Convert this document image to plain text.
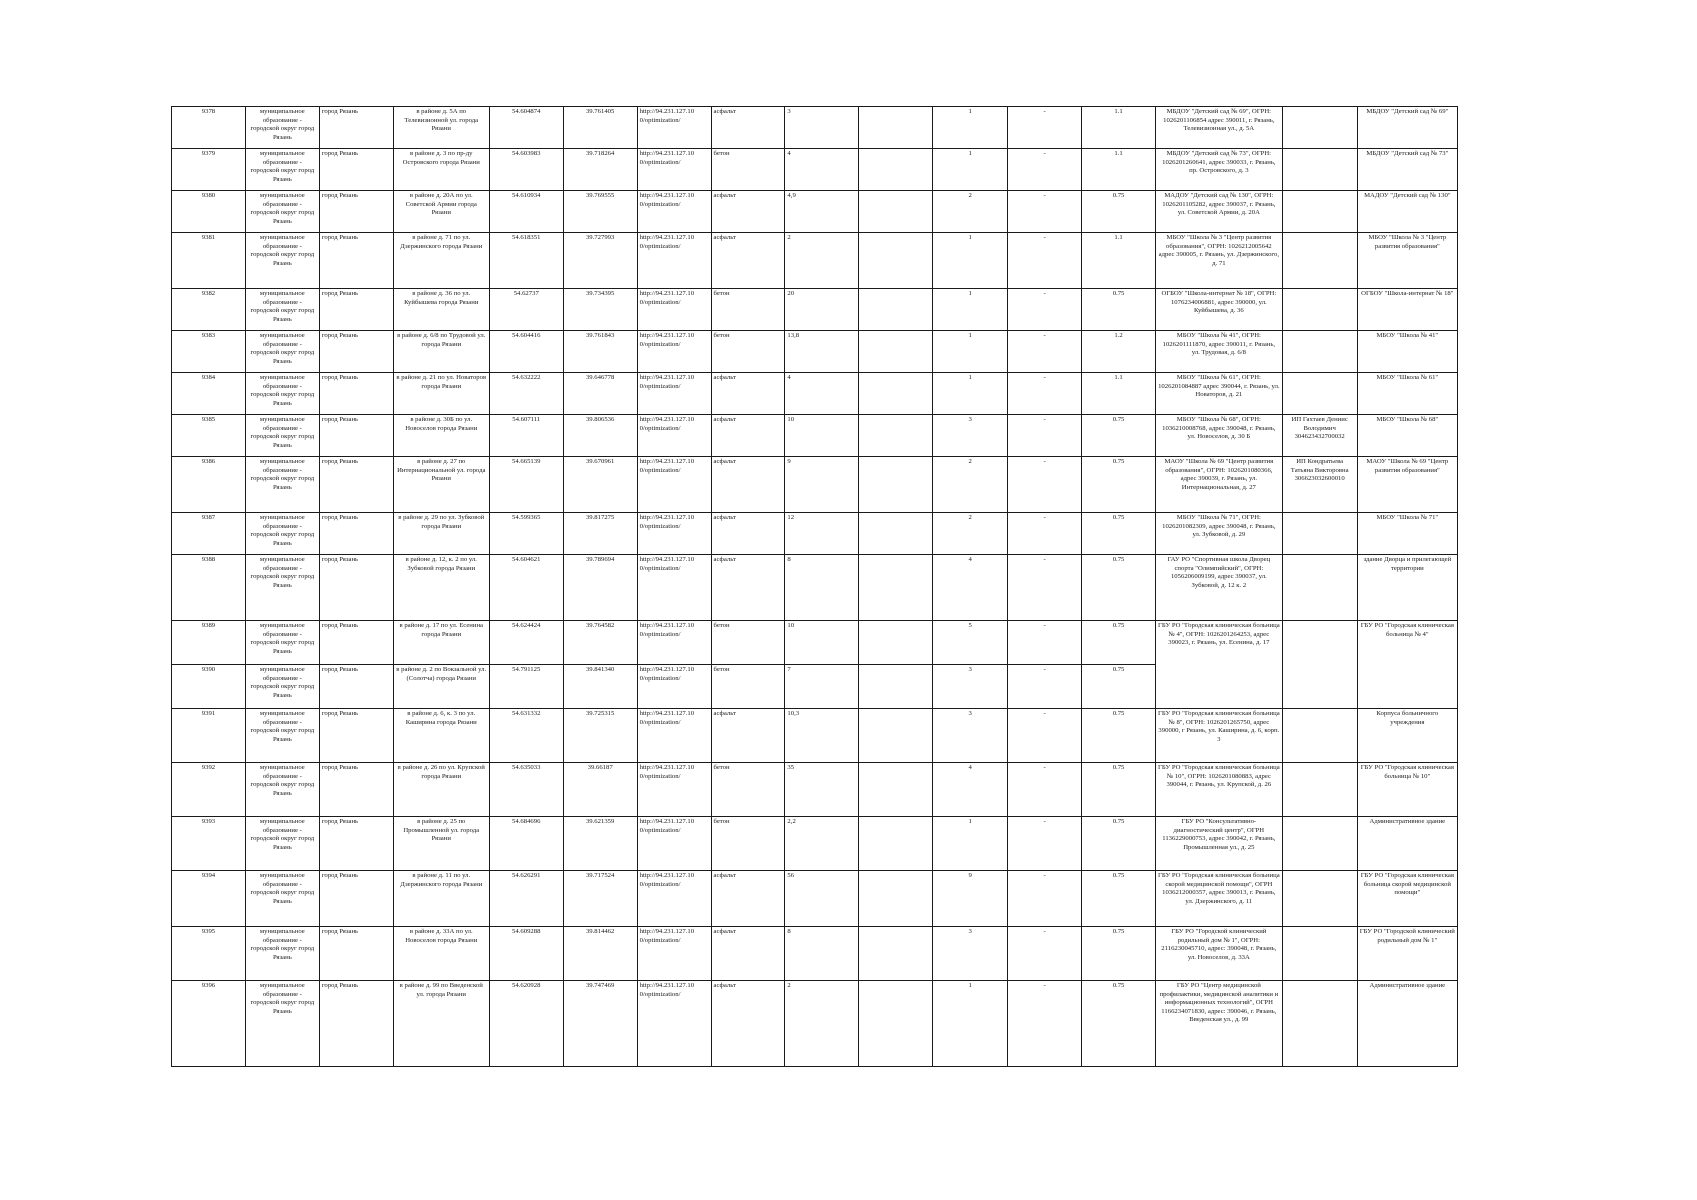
9378	муниципальное образование - городской округ город Рязань	город Рязань	в районе д. 5А по Телевизионной ул. города Рязани	54.604874	39.761405	http://94.231.127.10 0/optimization/	асфальт	3		1	-	1.1	МБДОУ "Детский сад № 69", ОГРН: 1026201106854 адрес 390011, г. Рязань, Телевизионная ул., д. 5А		МБДОУ "Детский сад № 69"
9379	муниципальное образование - городской округ город Рязань	город Рязань	в районе д. 3 по пр-ду Островского города Рязани	54.603983	39.718264	http://94.231.127.10 0/optimization/	бетон	4		1	-	1.1	МБДОУ "Детский сад № 73", ОГРН: 1026201260641, адрес 390033, г. Рязань, пр. Островского, д. 3		МБДОУ "Детский сад № 73"
9380	муниципальное образование - городской округ город Рязань	город Рязань	в районе д. 20А по ул. Советской Армии города Рязани	54.610934	39.769555	http://94.231.127.10 0/optimization/	асфальт	4,9		2	-	0.75	МАДОУ "Детский сад № 130", ОГРН: 1026201105282, адрес 390037, г. Рязань, ул. Советской Армии, д. 20А		МАДОУ "Детский сад № 130"
9381	муниципальное образование - городской округ город Рязань	город Рязань	в районе д. 71 по ул. Дзержинского города Рязани	54.618351	39.727993	http://94.231.127.10 0/optimization/	асфальт	2		1	-	1.1	МБОУ "Школа № 3 "Центр развития образования", ОГРН: 1026212005642 адрес 390005, г. Рязань, ул. Дзержинского, д. 71		МБОУ "Школа № 3 "Центр развития образования"
9382	муниципальное образование - городской округ город Рязань	город Рязань	в районе д. 36 по ул. Куйбышева города Рязани	54.62737	39.734395	http://94.231.127.10 0/optimization/	бетон	20		1	-	0.75	ОГБОУ "Школа-интернат № 18", ОГРН: 1076234006881, адрес 390000, ул. Куйбышева, д. 36		ОГБОУ "Школа-интернат № 18"
9383	муниципальное образование - городской округ город Рязань	город Рязань	в районе д. 6/8 по Трудовой ул. города Рязани	54.604416	39.761843	http://94.231.127.10 0/optimization/	бетон	13,8		1	-	1.2	МБОУ "Школа № 41", ОГРН: 1026201111870, адрес 390011, г. Рязань, ул. Трудовая, д. 6/8		МБОУ "Школа № 41"
9384	муниципальное образование - городской округ город Рязань	город Рязань	в районе д. 21 по ул. Новаторов города Рязани	54.632222	39.646778	http://94.231.127.10 0/optimization/	асфальт	4		1	-	1.1	МБОУ "Школа № 61", ОГРН: 1026201084887 адрес 390044, г. Рязань, ул. Новаторов, д. 21		МБОУ "Школа № 61"
9385	муниципальное образование - городской округ город Рязань	город Рязань	в районе д. 30Б по ул. Новоселов города Рязани	54.607111	39.806536	http://94.231.127.10 0/optimization/	асфальт	10		3	-	0.75	МБОУ "Школа № 68", ОГРН: 1036210008768, адрес 390048, г. Рязань, ул. Новоселов, д. 30 Б	ИП Гахтаев Дениис Володимич 304623432700032	МБОУ "Школа № 68"
9386	муниципальное образование - городской округ город Рязань	город Рязань	в районе д. 27 по Интернациональной ул. города Рязани	54.665139	39.670961	http://94.231.127.10 0/optimization/	асфальт	9		2	-	0.75	МАОУ "Школа № 69 "Центр развития образования", ОГРН: 1026201080366, адрес 390039, г. Рязань, ул. Интернациональная, д. 27	ИП Кондратьева Татьяна Викторовна 306623032600010	МАОУ "Школа № 69 "Центр развития образования"
9387	муниципальное образование - городской округ город Рязань	город Рязань	в районе д. 29 по ул. Зубковой города Рязани	54.599365	39.817275	http://94.231.127.10 0/optimization/	асфальт	12		2	-	0.75	МБОУ "Школа № 71", ОГРН: 1026201082309, адрес 390048, г. Рязань, ул. Зубковой, д. 29		МБОУ "Школа № 71"
9388	муниципальное образование - городской округ город Рязань	город Рязань	в районе д. 12, к. 2 по ул. Зубковой города Рязани	54.604621	39.789694	http://94.231.127.10 0/optimization/	асфальт	8		4	-	0.75	ГАУ РО "Спортивная школа Дворец спорта "Олимпийский", ОГРН: 1056206009199, адрес 390037, ул. Зубковой, д. 12 к. 2		здание Дворца и прилегающей территории
9389	муниципальное образование - городской округ город Рязань	город Рязань	в районе д. 17 по ул. Есенина города Рязани	54.624424	39.764582	http://94.231.127.10 0/optimization/	бетон	10		5	-	0.75	ГБУ РО "Городская клиническая больница № 4", ОГРН: 1026201264253, адрес 390023, г. Рязань, ул. Есенина, д. 17		ГБУ РО "Городская клиническая больница № 4"
9390	муниципальное образование - городской округ город Рязань	город Рязань	в районе д. 2 по Вокзальной ул. (Солотча) города Рязани	54.791125	39.841340	http://94.231.127.10 0/optimization/	бетон	7		3	-	0.75			
9391	муниципальное образование - городской округ город Рязань	город Рязань	в районе д. 6, к. 3 по ул. Каширина города Рязани	54.631332	39.725315	http://94.231.127.10 0/optimization/	асфальт	10,3		3	-	0.75	ГБУ РО "Городская клиническая больница № 8", ОГРН: 1026201265750, адрес 390000, г Рязань, ул. Каширина, д. 6, корп. 3		Корпуса больничного учреждения
9392	муниципальное образование - городской округ город Рязань	город Рязань	в районе д. 26 по ул. Крупской города Рязани	54.635033	39.66187	http://94.231.127.10 0/optimization/	бетон	35		4	-	0.75	ГБУ РО "Городская клиническая больница № 10", ОГРН: 1026201080883, адрес 390044, г. Рязань, ул. Крупской, д. 26		ГБУ РО "Городская клиническая больница № 10"
9393	муниципальное образование - городской округ город Рязань	город Рязань	в районе д. 25 по Промышленной ул. города Рязани	54.684696	39.621359	http://94.231.127.10 0/optimization/	бетон	2,2		1	-	0.75	ГБУ РО "Консультативно-диагностический центр", ОГРН 1136229000753, адрес 390042, г. Рязань, Промышленная ул., д. 25		Административное здание
9394	муниципальное образование - городской округ город Рязань	город Рязань	в районе д. 11 по ул. Дзержинского города Рязани	54.626291	39.717524	http://94.231.127.10 0/optimization/	асфальт	56		9	-	0.75	ГБУ РО "Городская клиническая больница скорой медицинской помощи", ОГРН 1036212000357, адрес 390013, г. Рязань, ул. Дзержинского, д. 11		ГБУ РО "Городская клиническая больница скорой медицинской помощи"
9395	муниципальное образование - городской округ город Рязань	город Рязань	в районе д. 33А по ул. Новоселов города Рязани	54.609288	39.814462	http://94.231.127.10 0/optimization/	асфальт	8		3	-	0.75	ГБУ РО "Городской клинический родильный дом № 1", ОГРН: 2116230045710, адрес: 390048, г. Рязань, ул. Новоселов, д. 33А		ГБУ РО "Городской клинический родильный дом № 1"
9396	муниципальное образование - городской округ город Рязань	город Рязань	в районе д. 99 по Введенской ул. города Рязани	54.620928	39.747469	http://94.231.127.10 0/optimization/	асфальт	2		1	-	0.75	ГБУ РО "Центр медицинской профилактики, медицинской аналитики и информационных технологий", ОГРН 1166234071830, адрес: 390046, г. Рязань, Введенская ул., д. 99		Административное здание
